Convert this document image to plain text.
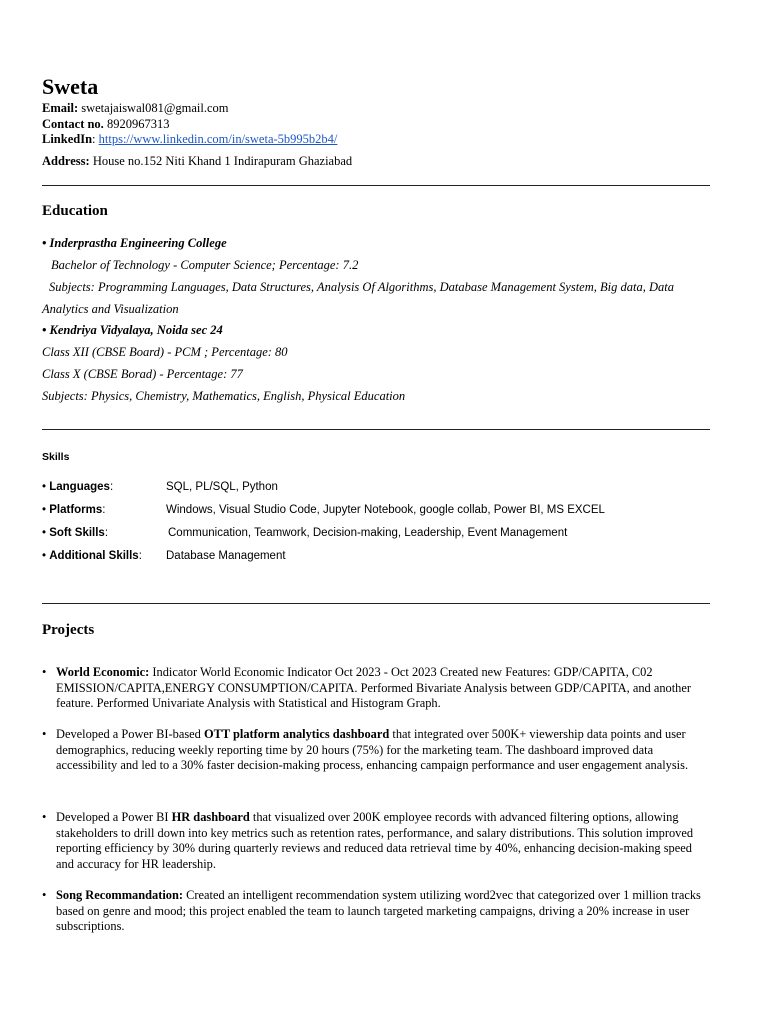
Sweta
Email: swetajaiswal081@gmail.com
Contact no. 8920967313
LinkedIn: https://www.linkedin.com/in/sweta-5b995b2b4/
Address: House no.152 Niti Khand 1 Indirapuram Ghaziabad
Education
• Inderprastha Engineering College
Bachelor of Technology - Computer Science; Percentage: 7.2
Subjects: Programming Languages, Data Structures, Analysis Of Algorithms, Database Management System, Big data, Data
Analytics and Visualization
• Kendriya Vidyalaya, Noida sec 24
Class XII (CBSE Board) - PCM ; Percentage: 80
Class X (CBSE Borad) - Percentage: 77
Subjects: Physics, Chemistry, Mathematics, English, Physical Education
Skills
• Languages:	SQL, PL/SQL, Python
• Platforms:	Windows, Visual Studio Code, Jupyter Notebook, google collab, Power BI, MS EXCEL
• Soft Skills:	Communication, Teamwork, Decision-making, Leadership, Event Management
• Additional Skills: Database Management
Projects
• World Economic: Indicator World Economic Indicator Oct 2023 - Oct 2023 Created new Features: GDP/CAPITA, C02 EMISSION/CAPITA,ENERGY CONSUMPTION/CAPITA. Performed Bivariate Analysis between GDP/CAPITA, and another feature. Performed Univariate Analysis with Statistical and Histogram Graph.
• Developed a Power BI-based OTT platform analytics dashboard that integrated over 500K+ viewership data points and user demographics, reducing weekly reporting time by 20 hours (75%) for the marketing team. The dashboard improved data accessibility and led to a 30% faster decision-making process, enhancing campaign performance and user engagement analysis.
• Developed a Power BI HR dashboard that visualized over 200K employee records with advanced filtering options, allowing stakeholders to drill down into key metrics such as retention rates, performance, and salary distributions. This solution improved reporting efficiency by 30% during quarterly reviews and reduced data retrieval time by 40%, enhancing decision-making speed and accuracy for HR leadership.
• Song Recommandation: Created an intelligent recommendation system utilizing word2vec that categorized over 1 million tracks based on genre and mood; this project enabled the team to launch targeted marketing campaigns, driving a 20% increase in user subscriptions.
